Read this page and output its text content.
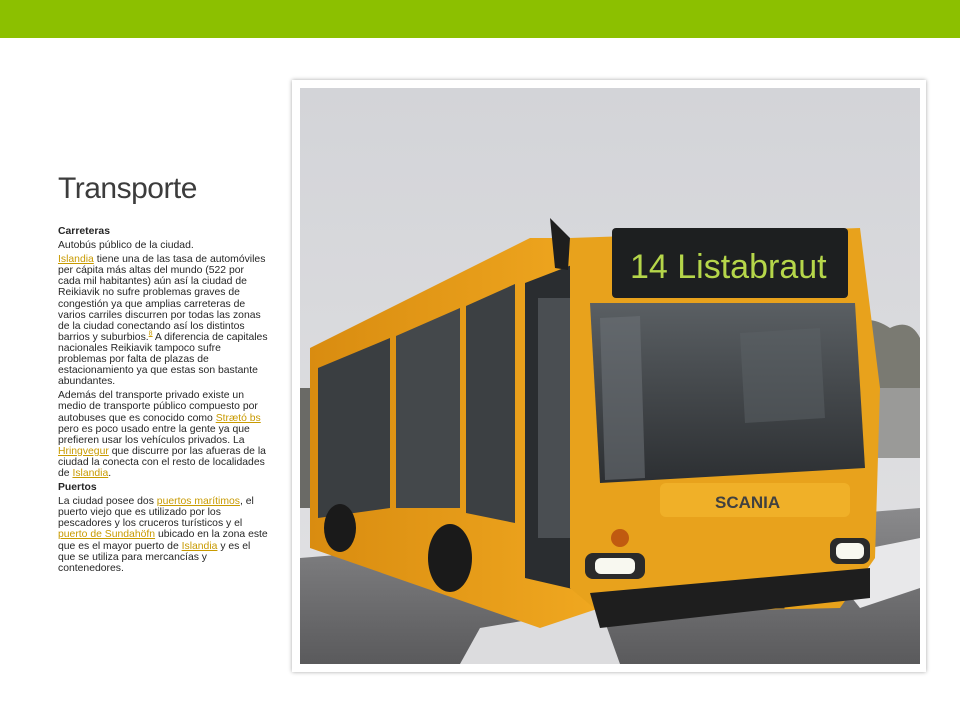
Transporte

Carreteras

Autobús público de la ciudad.

Islandia tiene una de las tasa de automóviles per cápita más altas del mundo (522 por cada mil habitantes) aún así la ciudad de Reikiavik no sufre problemas graves de congestión ya que amplias carreteras de varios carriles discurren por todas las zonas de la ciudad conectando así los distintos barrios y suburbios.$^8$ A diferencia de capitales nacionales Reikiavik tampoco sufre problemas por falta de plazas de estacionamiento ya que estas son bastante abundantes.

Además del transporte privado existe un medio de transporte público compuesto por autobuses que es conocido como Strætó bs pero es poco usado entre la gente ya que prefieren usar los vehículos privados. La Hringvegur que discurre por las afueras de la ciudad la conecta con el resto de localidades de Islandia.

Puertos

La ciudad posee dos puertos marítimos, el puerto viejo que es utilizado por los pescadores y los cruceros turísticos y el puerto de Sundahöfn ubicado en la zona este que es el mayor puerto de Islandia y es el que se utiliza para mercancías y contenedores.

14 Listabraut
SCANIA
